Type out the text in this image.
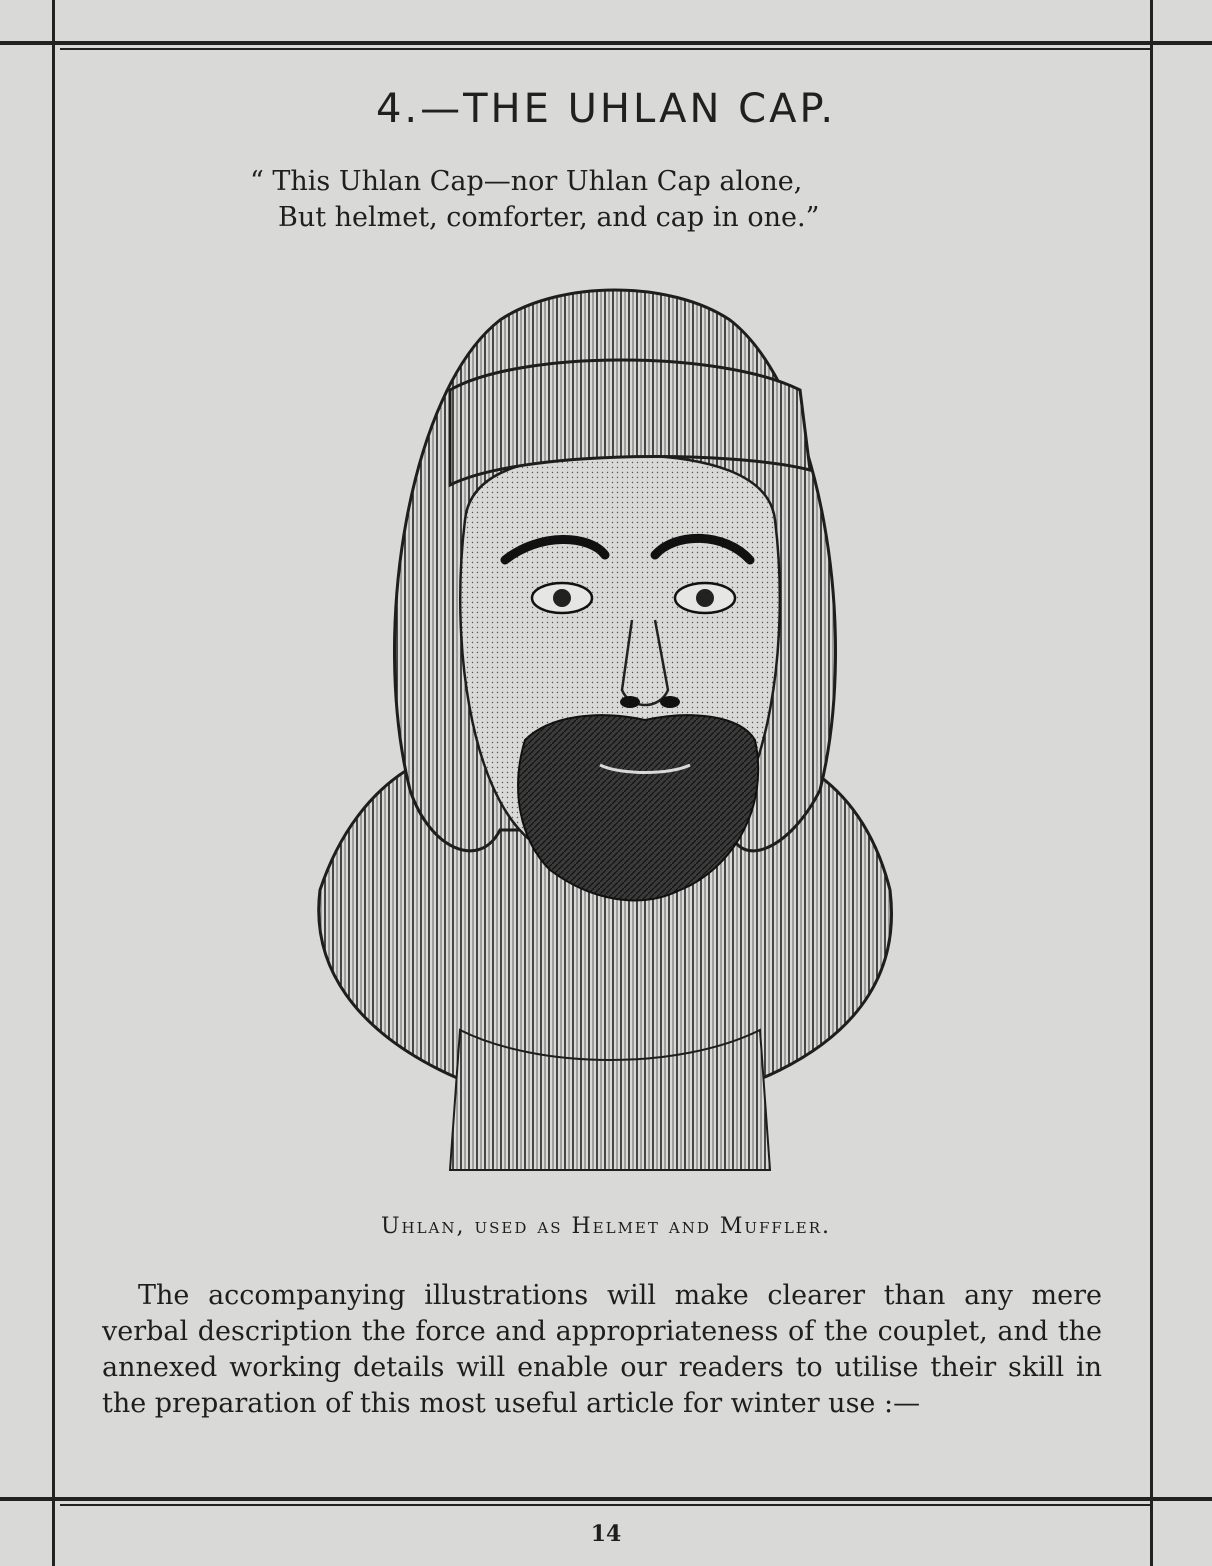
4.—THE UHLAN CAP.
“ This Uhlan Cap—nor Uhlan Cap alone,
But helmet, comforter, and cap in one.”
Uhlan, used as Helmet and Muffler.
The accompanying illustrations will make clearer than any mere verbal description the force and appropriateness of the couplet, and the annexed working details will enable our readers to utilise their skill in the preparation of this most useful article for winter use :—
14
